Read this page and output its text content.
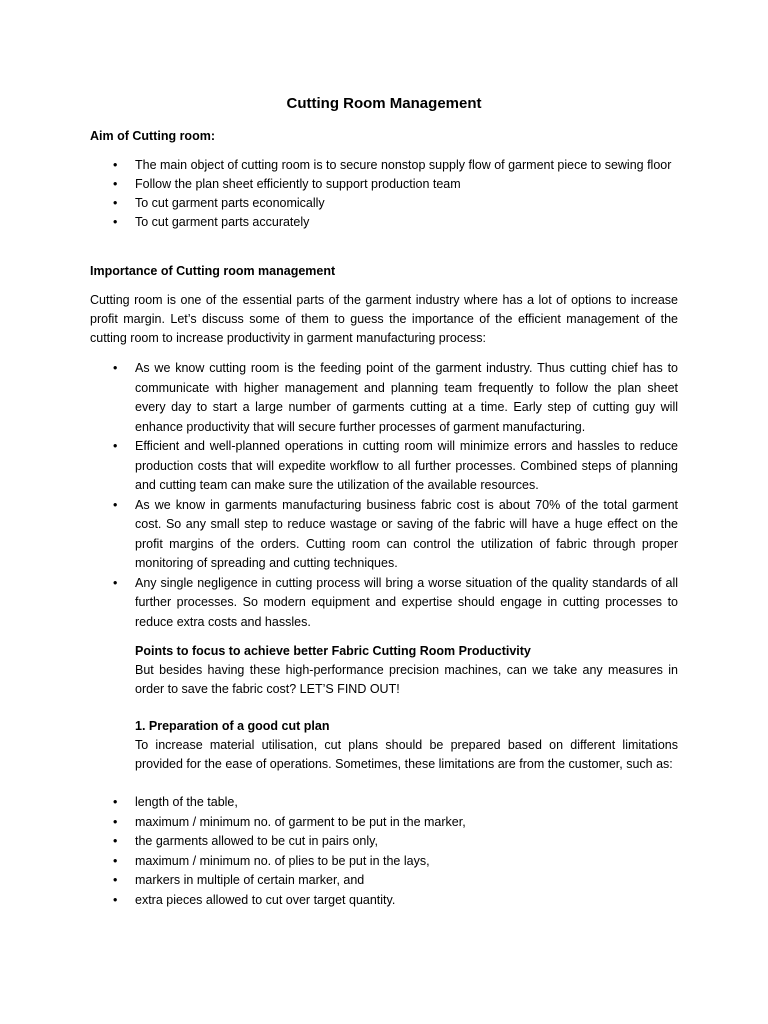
Cutting Room Management
Aim of Cutting room:
• The main object of cutting room is to secure nonstop supply flow of garment piece to sewing floor
• Follow the plan sheet efficiently to support production team
• To cut garment parts economically
• To cut garment parts accurately
Importance of Cutting room management
Cutting room is one of the essential parts of the garment industry where has a lot of options to increase profit margin. Let’s discuss some of them to guess the importance of the efficient management of the cutting room to increase productivity in garment manufacturing process:
• As we know cutting room is the feeding point of the garment industry. Thus cutting chief has to communicate with higher management and planning team frequently to follow the plan sheet every day to start a large number of garments cutting at a time. Early step of cutting guy will enhance productivity that will secure further processes of garment manufacturing.
• Efficient and well-planned operations in cutting room will minimize errors and hassles to reduce production costs that will expedite workflow to all further processes. Combined steps of planning and cutting team can make sure the utilization of the available resources.
• As we know in garments manufacturing business fabric cost is about 70% of the total garment cost. So any small step to reduce wastage or saving of the fabric will have a huge effect on the profit margins of the orders. Cutting room can control the utilization of fabric through proper monitoring of spreading and cutting techniques.
• Any single negligence in cutting process will bring a worse situation of the quality standards of all further processes. So modern equipment and expertise should engage in cutting processes to reduce extra costs and hassles.
Points to focus to achieve better Fabric Cutting Room Productivity
But besides having these high-performance precision machines, can we take any measures in order to save the fabric cost? LET’S FIND OUT!
1. Preparation of a good cut plan
To increase material utilisation, cut plans should be prepared based on different limitations provided for the ease of operations. Sometimes, these limitations are from the customer, such as:
• length of the table,
• maximum / minimum no. of garment to be put in the marker,
• the garments allowed to be cut in pairs only,
• maximum / minimum no. of plies to be put in the lays,
• markers in multiple of certain marker, and
• extra pieces allowed to cut over target quantity.
